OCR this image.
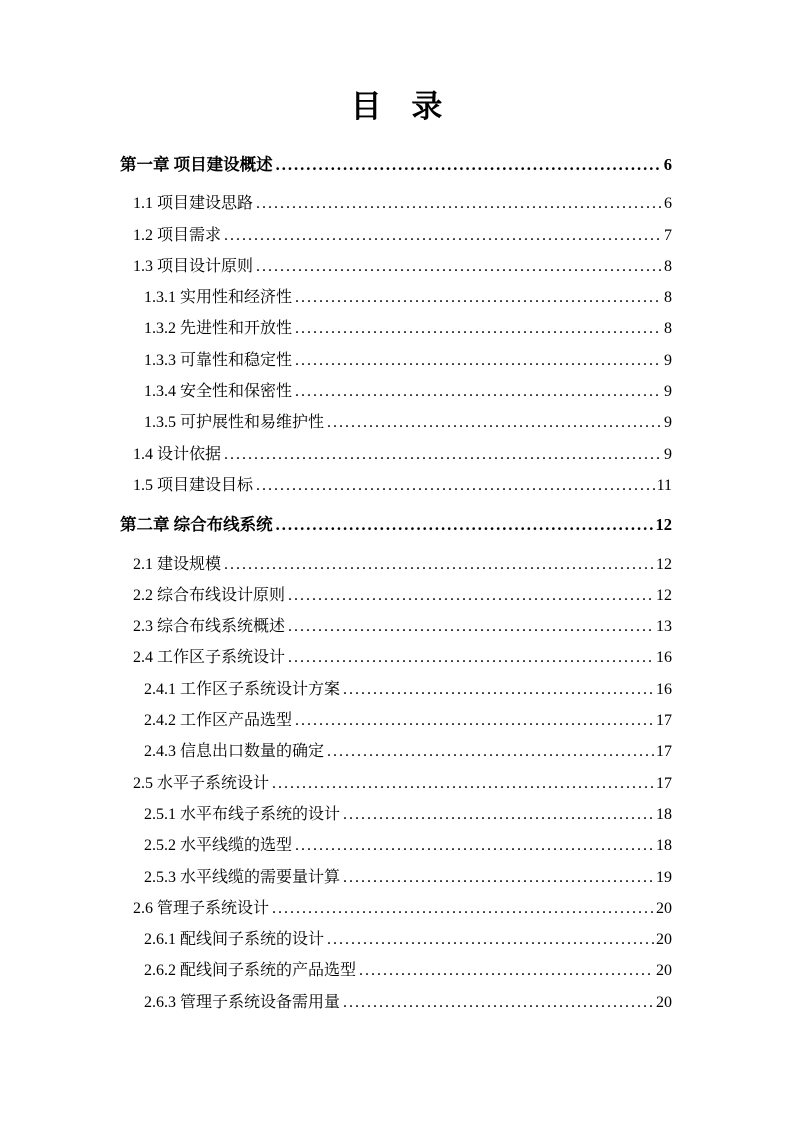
目 录
第一章 项目建设概述 .....	6
1.1 项目建设思路 .....	6
1.2 项目需求 .....	7
1.3 项目设计原则 .....	8
1.3.1 实用性和经济性 .....	8
1.3.2 先进性和开放性 .....	8
1.3.3 可靠性和稳定性 .....	9
1.3.4 安全性和保密性 .....	9
1.3.5 可护展性和易维护性 .....	9
1.4 设计依据 .....	9
1.5 项目建设目标 .....	11
第二章 综合布线系统 .....	12
2.1 建设规模 .....	12
2.2 综合布线设计原则 .....	12
2.3 综合布线系统概述 .....	13
2.4 工作区子系统设计 .....	16
2.4.1 工作区子系统设计方案 .....	16
2.4.2 工作区产品选型 .....	17
2.4.3 信息出口数量的确定 .....	17
2.5 水平子系统设计 .....	17
2.5.1 水平布线子系统的设计 .....	18
2.5.2 水平线缆的选型 .....	18
2.5.3 水平线缆的需要量计算 .....	19
2.6 管理子系统设计 .....	20
2.6.1 配线间子系统的设计 .....	20
2.6.2 配线间子系统的产品选型 .....	20
2.6.3 管理子系统设备需用量 .....	20
